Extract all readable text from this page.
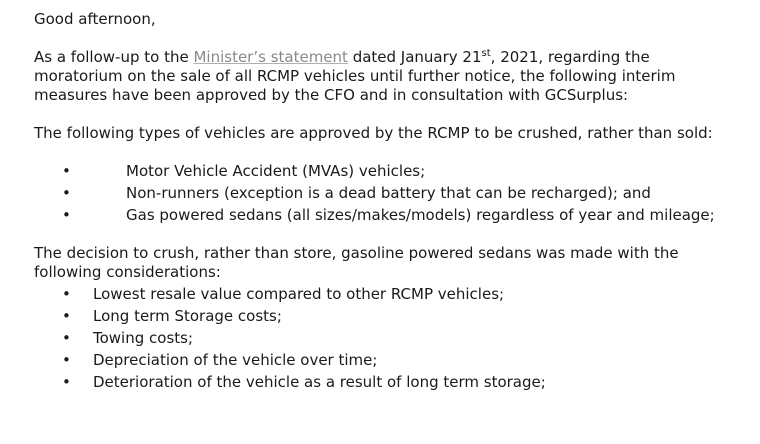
Good afternoon,

As a follow-up to the Minister’s statement dated January 21st, 2021, regarding the moratorium on the sale of all RCMP vehicles until further notice, the following interim measures have been approved by the CFO and in consultation with GCSurplus:

The following types of vehicles are approved by the RCMP to be crushed, rather than sold:

•	Motor Vehicle Accident (MVAs) vehicles;
•	Non-runners (exception is a dead battery that can be recharged); and
•	Gas powered sedans (all sizes/makes/models) regardless of year and mileage;

The decision to crush, rather than store, gasoline powered sedans was made with the following considerations:

• Lowest resale value compared to other RCMP vehicles;
• Long term Storage costs;
• Towing costs;
• Depreciation of the vehicle over time;
• Deterioration of the vehicle as a result of long term storage;
